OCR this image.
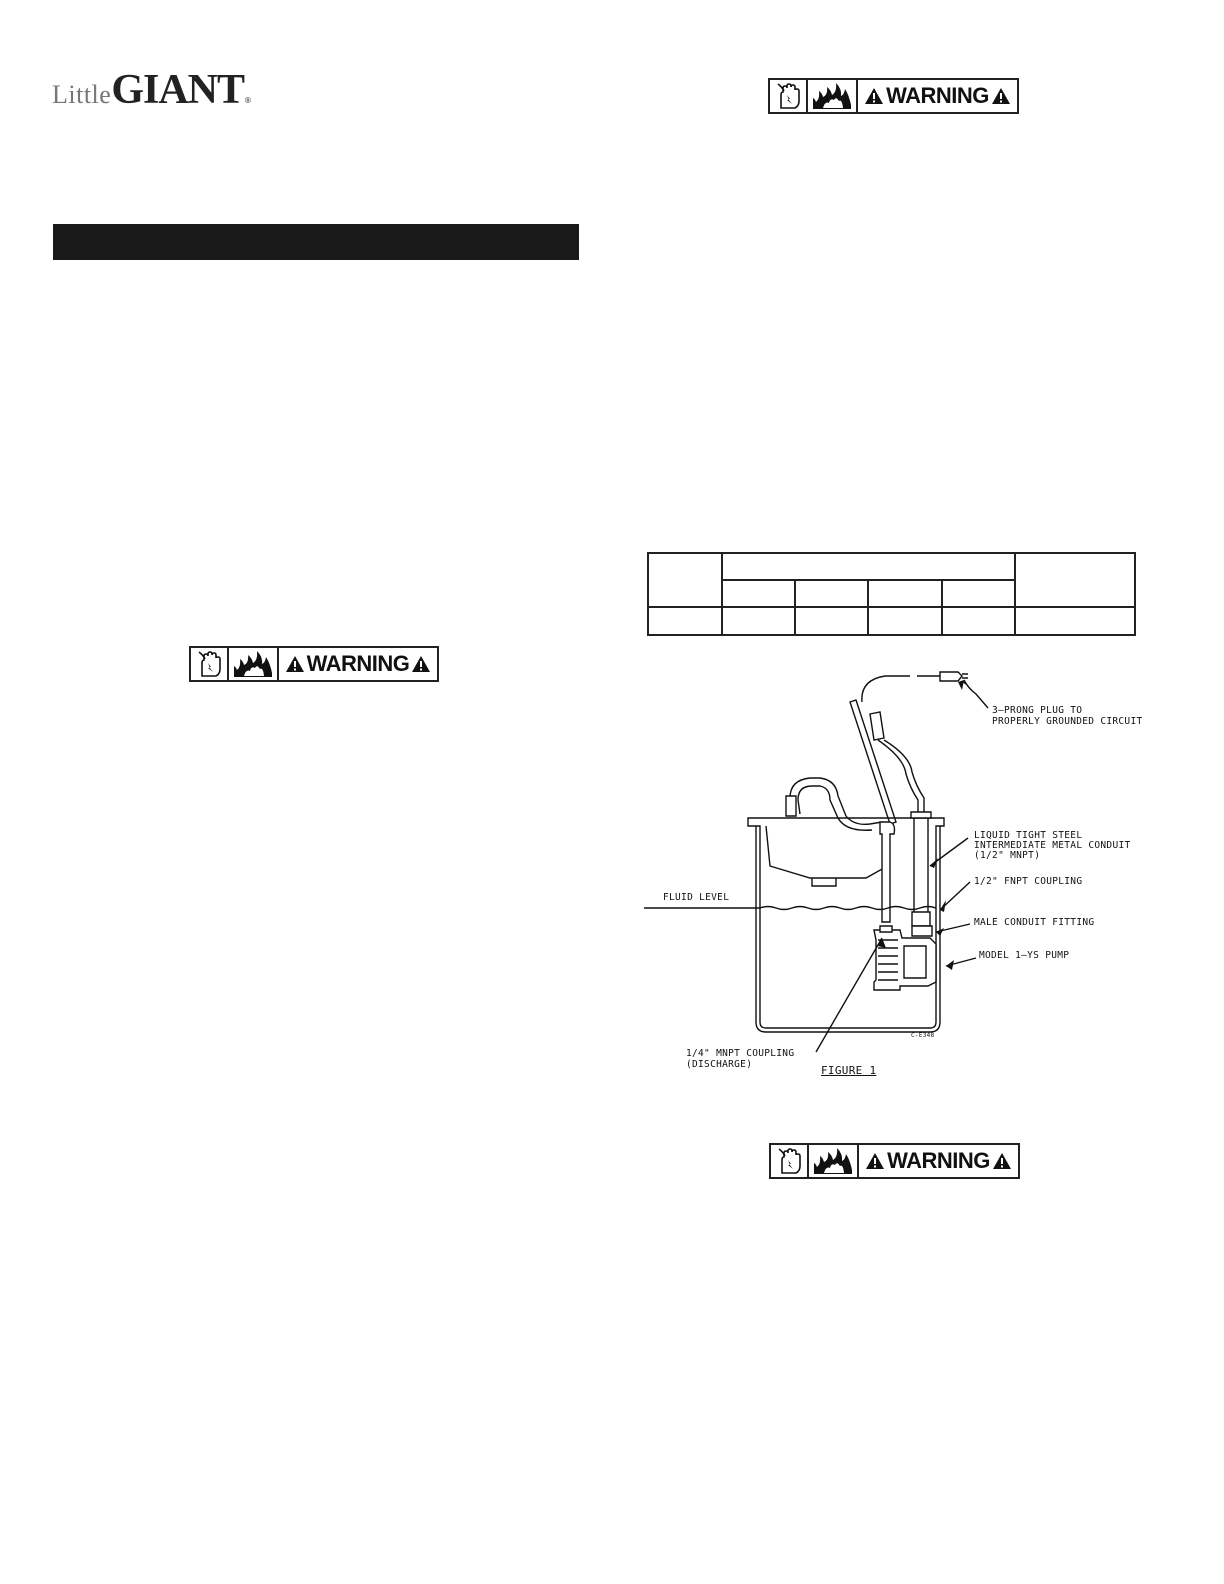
LittleGIANT®	WARNING
WARNING
WARNING

3–PRONG PLUG TO
PROPERLY GROUNDED CIRCUIT
LIQUID TIGHT STEEL
INTERMEDIATE METAL CONDUIT
(1/2" MNPT)
1/2" FNPT COUPLING
MALE CONDUIT FITTING
MODEL 1–YS PUMP
FLUID LEVEL
1/4" MNPT COUPLING
(DISCHARGE)
C-E348
FIGURE 1
